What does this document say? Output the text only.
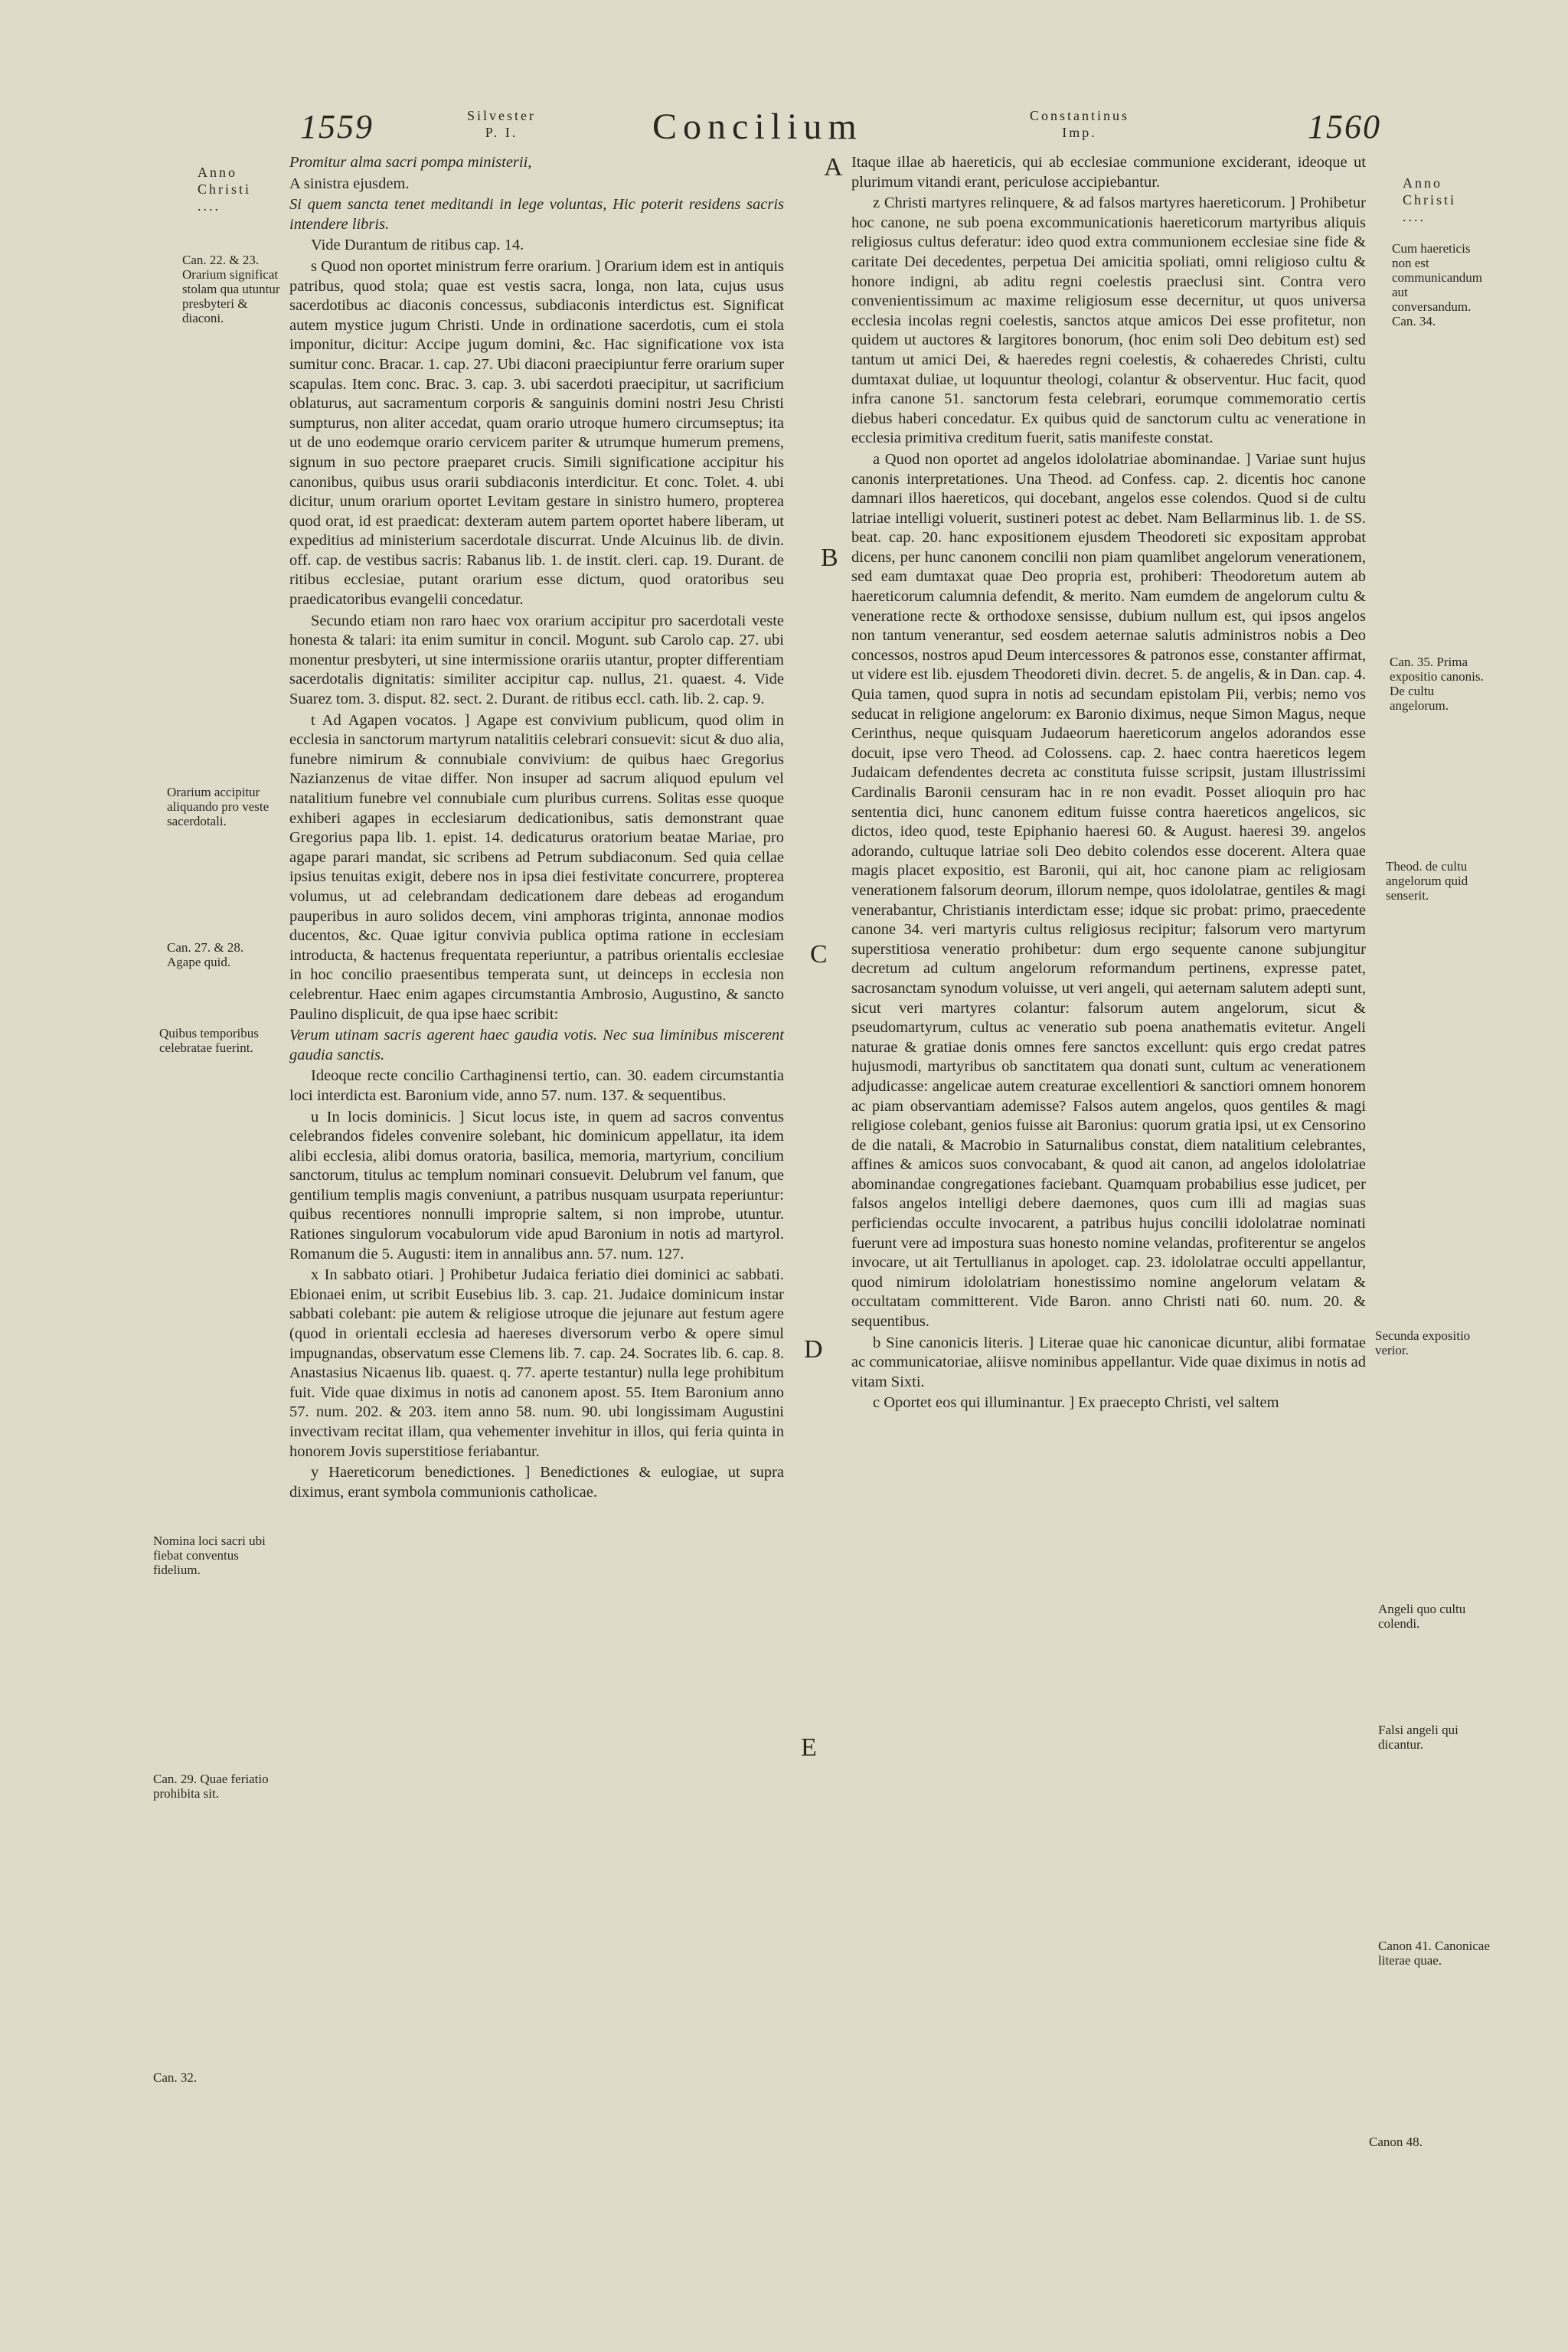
1559	Silvester
P. I.	Concilium	Constantinus
Imp.	1560
Anno
Christi
....
Anno
Christi
....
Can. 22. & 23. Orarium significat stolam qua utuntur presbyteri & diaconi.
Orarium accipitur aliquando pro veste sacerdotali.
Can. 27. & 28. Agape quid.
Quibus temporibus celebratae fuerint.
Nomina loci sacri ubi fiebat conventus fidelium.
Can. 29. Quae feriatio prohibita sit.
Can. 32.
A
B
C
D
E

Promitur alma sacri pompa ministerii,

A sinistra ejusdem.

Si quem sancta tenet meditandi in lege voluntas, Hic poterit residens sacris intendere libris.

Vide Durantum de ritibus cap. 14.

s Quod non oportet ministrum ferre orarium. ] Orarium idem est in antiquis patribus, quod stola; quae est vestis sacra, longa, non lata, cujus usus sacerdotibus ac diaconis concessus, subdiaconis interdictus est. Significat autem mystice jugum Christi. Unde in ordinatione sacerdotis, cum ei stola imponitur, dicitur: Accipe jugum domini, &c. Hac significatione vox ista sumitur conc. Bracar. 1. cap. 27. Ubi diaconi praecipiuntur ferre orarium super scapulas. Item conc. Brac. 3. cap. 3. ubi sacerdoti praecipitur, ut sacrificium oblaturus, aut sacramentum corporis & sanguinis domini nostri Jesu Christi sumpturus, non aliter accedat, quam orario utroque humero circumseptus; ita ut de uno eodemque orario cervicem pariter & utrumque humerum premens, signum in suo pectore praeparet crucis. Simili significatione accipitur his canonibus, quibus usus orarii subdiaconis interdicitur. Et conc. Tolet. 4. ubi dicitur, unum orarium oportet Levitam gestare in sinistro humero, propterea quod orat, id est praedicat: dexteram autem partem oportet habere liberam, ut expeditius ad ministerium sacerdotale discurrat. Unde Alcuinus lib. de divin. off. cap. de vestibus sacris: Rabanus lib. 1. de instit. cleri. cap. 19. Durant. de ritibus ecclesiae, putant orarium esse dictum, quod oratoribus seu praedicatoribus evangelii concedatur.

Secundo etiam non raro haec vox orarium accipitur pro sacerdotali veste honesta & talari: ita enim sumitur in concil. Mogunt. sub Carolo cap. 27. ubi monentur presbyteri, ut sine intermissione orariis utantur, propter differentiam sacerdotalis dignitatis: similiter accipitur cap. nullus, 21. quaest. 4. Vide Suarez tom. 3. disput. 82. sect. 2. Durant. de ritibus eccl. cath. lib. 2. cap. 9.

t Ad Agapen vocatos. ] Agape est convivium publicum, quod olim in ecclesia in sanctorum martyrum natalitiis celebrari consuevit: sicut & duo alia, funebre nimirum & connubiale convivium: de quibus haec Gregorius Nazianzenus de vitae differ. Non insuper ad sacrum aliquod epulum vel natalitium funebre vel connubiale cum pluribus currens. Solitas esse quoque exhiberi agapes in ecclesiarum dedicationibus, satis demonstrant quae Gregorius papa lib. 1. epist. 14. dedicaturus oratorium beatae Mariae, pro agape parari mandat, sic scribens ad Petrum subdiaconum. Sed quia cellae ipsius tenuitas exigit, debere nos in ipsa diei festivitate concurrere, propterea volumus, ut ad celebrandam dedicationem dare debeas ad erogandum pauperibus in auro solidos decem, vini amphoras triginta, annonae modios ducentos, &c. Quae igitur convivia publica optima ratione in ecclesiam introducta, & hactenus frequentata reperiuntur, a patribus orientalis ecclesiae in hoc concilio praesentibus temperata sunt, ut deinceps in ecclesia non celebrentur. Haec enim agapes circumstantia Ambrosio, Augustino, & sancto Paulino displicuit, de qua ipse haec scribit:

Verum utinam sacris agerent haec gaudia votis. Nec sua liminibus miscerent gaudia sanctis.

Ideoque recte concilio Carthaginensi tertio, can. 30. eadem circumstantia loci interdicta est. Baronium vide, anno 57. num. 137. & sequentibus.

u In locis dominicis. ] Sicut locus iste, in quem ad sacros conventus celebrandos fideles convenire solebant, hic dominicum appellatur, ita idem alibi ecclesia, alibi domus oratoria, basilica, memoria, martyrium, concilium sanctorum, titulus ac templum nominari consuevit. Delubrum vel fanum, que gentilium templis magis conveniunt, a patribus nusquam usurpata reperiuntur: quibus recentiores nonnulli improprie saltem, si non improbe, utuntur. Rationes singulorum vocabulorum vide apud Baronium in notis ad martyrol. Romanum die 5. Augusti: item in annalibus ann. 57. num. 127.

x In sabbato otiari. ] Prohibetur Judaica feriatio diei dominici ac sabbati. Ebionaei enim, ut scribit Eusebius lib. 3. cap. 21. Judaice dominicum instar sabbati colebant: pie autem & religiose utroque die jejunare aut festum agere (quod in orientali ecclesia ad haereses diversorum verbo & opere simul impugnandas, observatum esse Clemens lib. 7. cap. 24. Socrates lib. 6. cap. 8. Anastasius Nicaenus lib. quaest. q. 77. aperte testantur) nulla lege prohibitum fuit. Vide quae diximus in notis ad canonem apost. 55. Item Baronium anno 57. num. 202. & 203. item anno 58. num. 90. ubi longissimam Augustini invectivam recitat illam, qua vehementer invehitur in illos, qui feria quinta in honorem Jovis superstitiose feriabantur.

y Haereticorum benedictiones. ] Benedictiones & eulogiae, ut supra diximus, erant symbola communionis catholicae.

Itaque illae ab haereticis, qui ab ecclesiae communione exciderant, ideoque ut plurimum vitandi erant, periculose accipiebantur.

z Christi martyres relinquere, & ad falsos martyres haereticorum. ] Prohibetur hoc canone, ne sub poena excommunicationis haereticorum martyribus aliquis religiosus cultus deferatur: ideo quod extra communionem ecclesiae sine fide & caritate Dei decedentes, perpetua Dei amicitia spoliati, omni religioso cultu & honore indigni, ab aditu regni coelestis praeclusi sint. Contra vero convenientissimum ac maxime religiosum esse decernitur, ut quos universa ecclesia incolas regni coelestis, sanctos atque amicos Dei esse profitetur, non quidem ut auctores & largitores bonorum, (hoc enim soli Deo debitum est) sed tantum ut amici Dei, & haeredes regni coelestis, & cohaeredes Christi, cultu dumtaxat duliae, ut loquuntur theologi, colantur & observentur. Huc facit, quod infra canone 51. sanctorum festa celebrari, eorumque commemoratio certis diebus haberi concedatur. Ex quibus quid de sanctorum cultu ac veneratione in ecclesia primitiva creditum fuerit, satis manifeste constat.

a Quod non oportet ad angelos idololatriae abominandae. ] Variae sunt hujus canonis interpretationes. Una Theod. ad Confess. cap. 2. dicentis hoc canone damnari illos haereticos, qui docebant, angelos esse colendos. Quod si de cultu latriae intelligi voluerit, sustineri potest ac debet. Nam Bellarminus lib. 1. de SS. beat. cap. 20. hanc expositionem ejusdem Theodoreti sic expositam approbat dicens, per hunc canonem concilii non piam quamlibet angelorum venerationem, sed eam dumtaxat quae Deo propria est, prohiberi: Theodoretum autem ab haereticorum calumnia defendit, & merito. Nam eumdem de angelorum cultu & veneratione recte & orthodoxe sensisse, dubium nullum est, qui ipsos angelos non tantum venerantur, sed eosdem aeternae salutis administros nobis a Deo concessos, nostros apud Deum intercessores & patronos esse, constanter affirmat, ut videre est lib. ejusdem Theodoreti divin. decret. 5. de angelis, & in Dan. cap. 4. Quia tamen, quod supra in notis ad secundam epistolam Pii, verbis; nemo vos seducat in religione angelorum: ex Baronio diximus, neque Simon Magus, neque Cerinthus, neque quisquam Judaeorum haereticorum angelos adorandos esse docuit, ipse vero Theod. ad Colossens. cap. 2. haec contra haereticos legem Judaicam defendentes decreta ac constituta fuisse scripsit, justam illustrissimi Cardinalis Baronii censuram hac in re non evadit. Posset alioquin pro hac sententia dici, hunc canonem editum fuisse contra haereticos angelicos, sic dictos, ideo quod, teste Epiphanio haeresi 60. & August. haeresi 39. angelos adorando, cultuque latriae soli Deo debito colendos esse docerent. Altera quae magis placet expositio, est Baronii, qui ait, hoc canone piam ac religiosam venerationem falsorum deorum, illorum nempe, quos idololatrae, gentiles & magi venerabantur, Christianis interdictam esse; idque sic probat: primo, praecedente canone 34. veri martyris cultus religiosus recipitur; falsorum vero martyrum superstitiosa veneratio prohibetur: dum ergo sequente canone subjungitur decretum ad cultum angelorum reformandum pertinens, expresse patet, sacrosanctam synodum voluisse, ut veri angeli, qui aeternam salutem adepti sunt, sicut veri martyres colantur: falsorum autem angelorum, sicut & pseudomartyrum, cultus ac veneratio sub poena anathematis evitetur. Angeli naturae & gratiae donis omnes fere sanctos excellunt: quis ergo credat patres hujusmodi, martyribus ob sanctitatem qua donati sunt, cultum ac venerationem adjudicasse: angelicae autem creaturae excellentiori & sanctiori omnem honorem ac piam observantiam ademisse? Falsos autem angelos, quos gentiles & magi religiose colebant, genios fuisse ait Baronius: quorum gratia ipsi, ut ex Censorino de die natali, & Macrobio in Saturnalibus constat, diem natalitium celebrantes, affines & amicos suos convocabant, & quod ait canon, ad angelos idololatriae abominandae congregationes faciebant. Quamquam probabilius esse judicet, per falsos angelos intelligi debere daemones, quos cum illi ad magias suas perficiendas occulte invocarent, a patribus hujus concilii idololatrae nominati fuerunt vere ad impostura suas honesto nomine velandas, profiterentur se angelos invocare, ut ait Tertullianus in apologet. cap. 23. idololatrae occulti appellantur, quod nimirum idololatriam honestissimo nomine angelorum velatam & occultatam committerent. Vide Baron. anno Christi nati 60. num. 20. & sequentibus.

b Sine canonicis literis. ] Literae quae hic canonicae dicuntur, alibi formatae ac communicatoriae, aliisve nominibus appellantur. Vide quae diximus in notis ad vitam Sixti.

c Oportet eos qui illuminantur. ] Ex praecepto Christi, vel saltem

Cum haereticis non est communicandum aut conversandum. Can. 34.
Can. 35. Prima expositio canonis. De cultu angelorum.
Theod. de cultu angelorum quid senserit.
Secunda expositio verior.
Angeli quo cultu colendi.
Falsi angeli qui dicantur.
Canon 41. Canonicae literae quae.
Canon 48.
